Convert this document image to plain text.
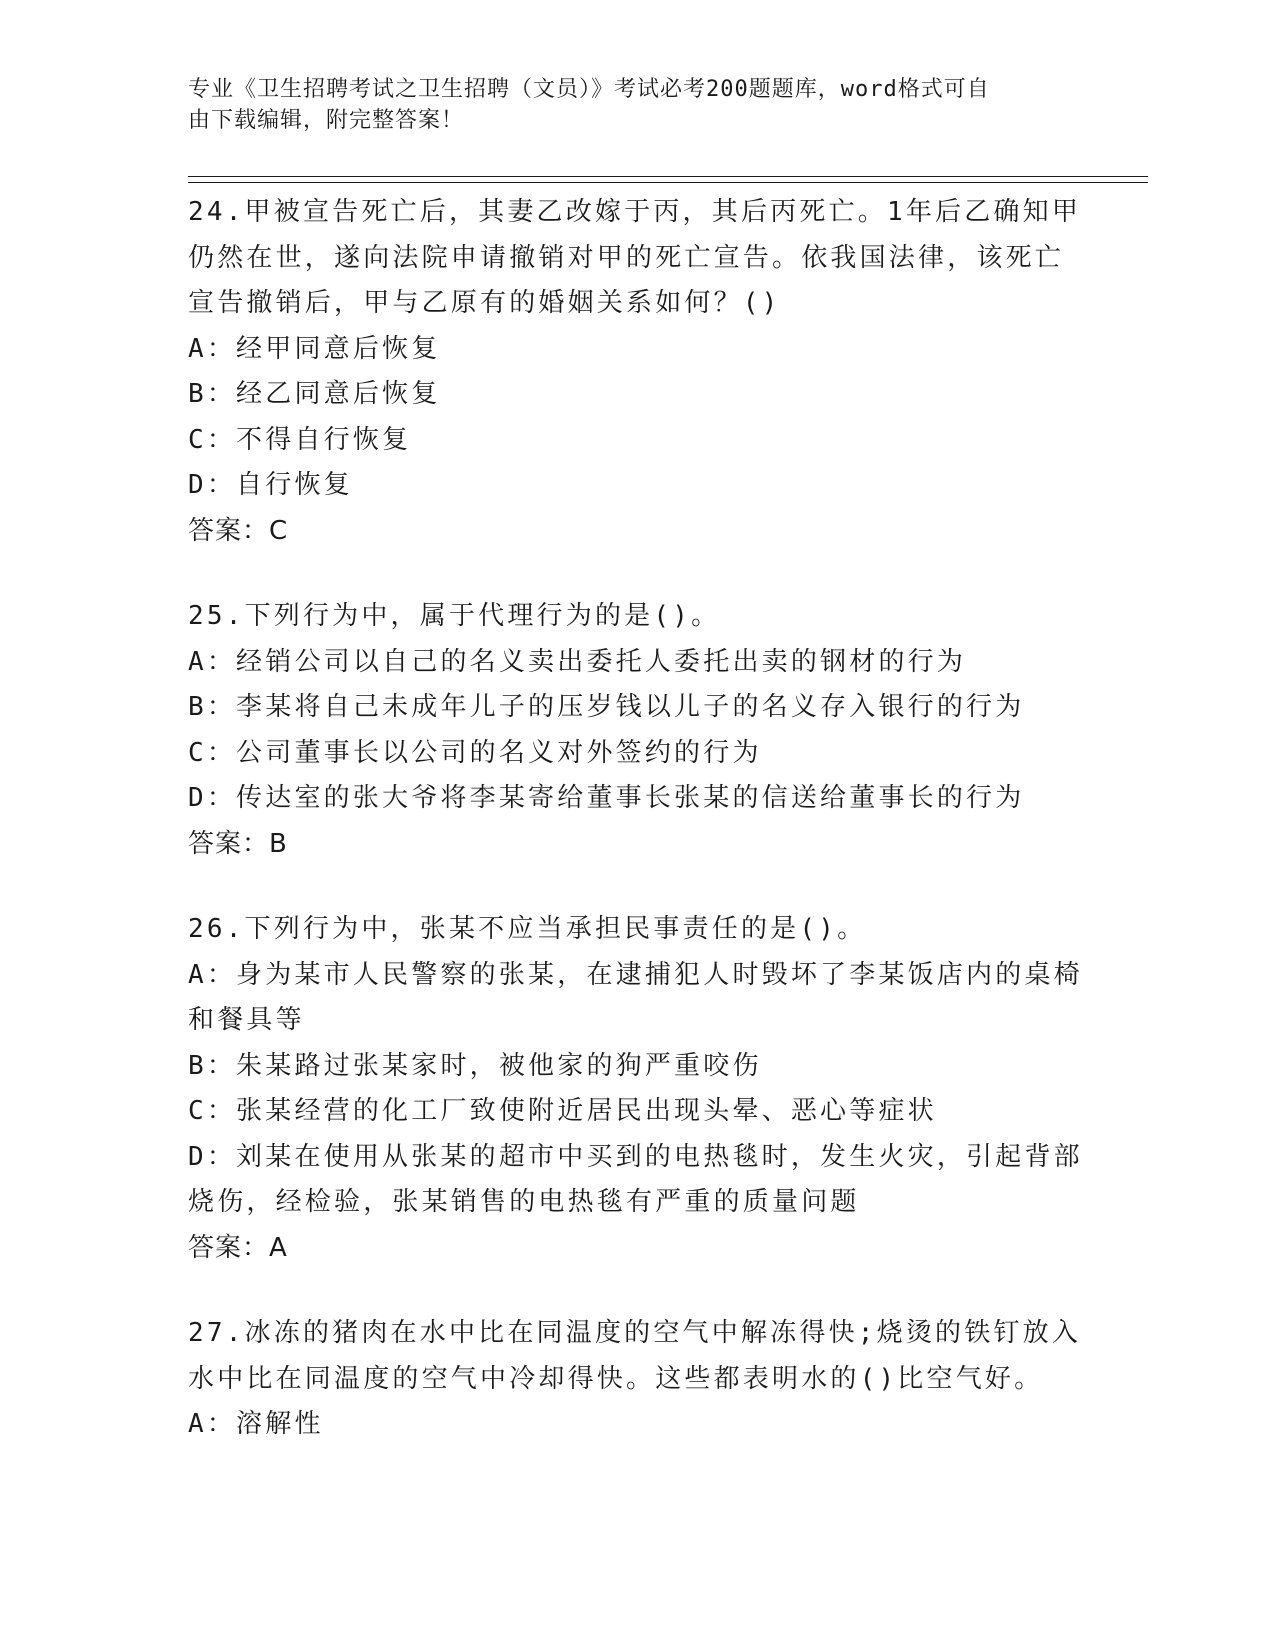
专业《卫生招聘考试之卫生招聘（文员）》考试必考200题题库，word格式可自
由下载编辑，附完整答案！
24.甲被宣告死亡后，其妻乙改嫁于丙，其后丙死亡。1年后乙确知甲
仍然在世，遂向法院申请撤销对甲的死亡宣告。依我国法律，该死亡
宣告撤销后，甲与乙原有的婚姻关系如何？()
A：经甲同意后恢复
B：经乙同意后恢复
C：不得自行恢复
D：自行恢复
答案：C
25.下列行为中，属于代理行为的是()。
A：经销公司以自己的名义卖出委托人委托出卖的钢材的行为
B：李某将自己未成年儿子的压岁钱以儿子的名义存入银行的行为
C：公司董事长以公司的名义对外签约的行为
D：传达室的张大爷将李某寄给董事长张某的信送给董事长的行为
答案：B
26.下列行为中，张某不应当承担民事责任的是()。
A：身为某市人民警察的张某，在逮捕犯人时毁坏了李某饭店内的桌椅
和餐具等
B：朱某路过张某家时，被他家的狗严重咬伤
C：张某经营的化工厂致使附近居民出现头晕、恶心等症状
D：刘某在使用从张某的超市中买到的电热毯时，发生火灾，引起背部
烧伤，经检验，张某销售的电热毯有严重的质量问题
答案：A
27.冰冻的猪肉在水中比在同温度的空气中解冻得快;烧烫的铁钉放入
水中比在同温度的空气中冷却得快。这些都表明水的()比空气好。
A：溶解性
